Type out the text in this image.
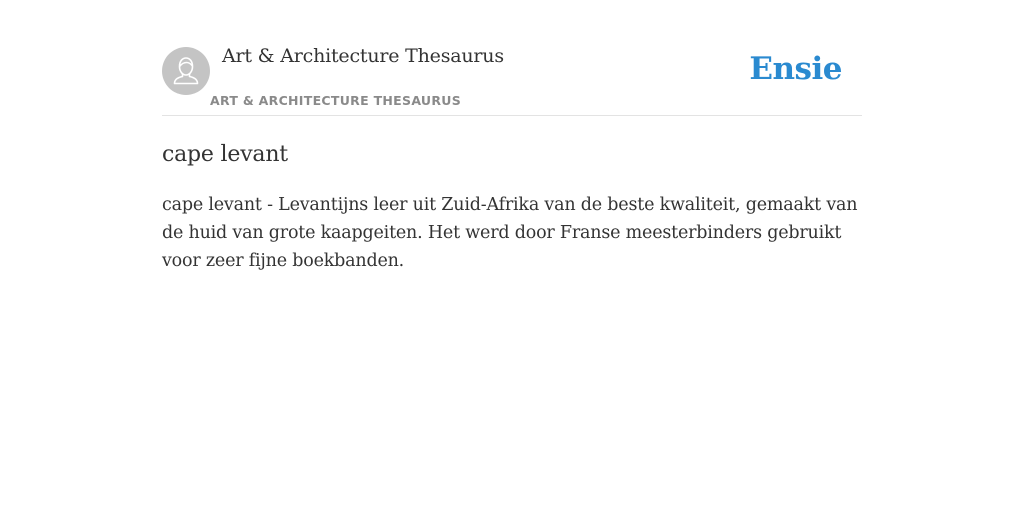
Art & Architecture Thesaurus
ART & ARCHITECTURE THESAURUS
Ensie
cape levant

cape levant - Levantijns leer uit Zuid-Afrika van de beste kwaliteit, gemaakt van de huid van grote kaapgeiten. Het werd door Franse meesterbinders gebruikt voor zeer fijne boekbanden.
